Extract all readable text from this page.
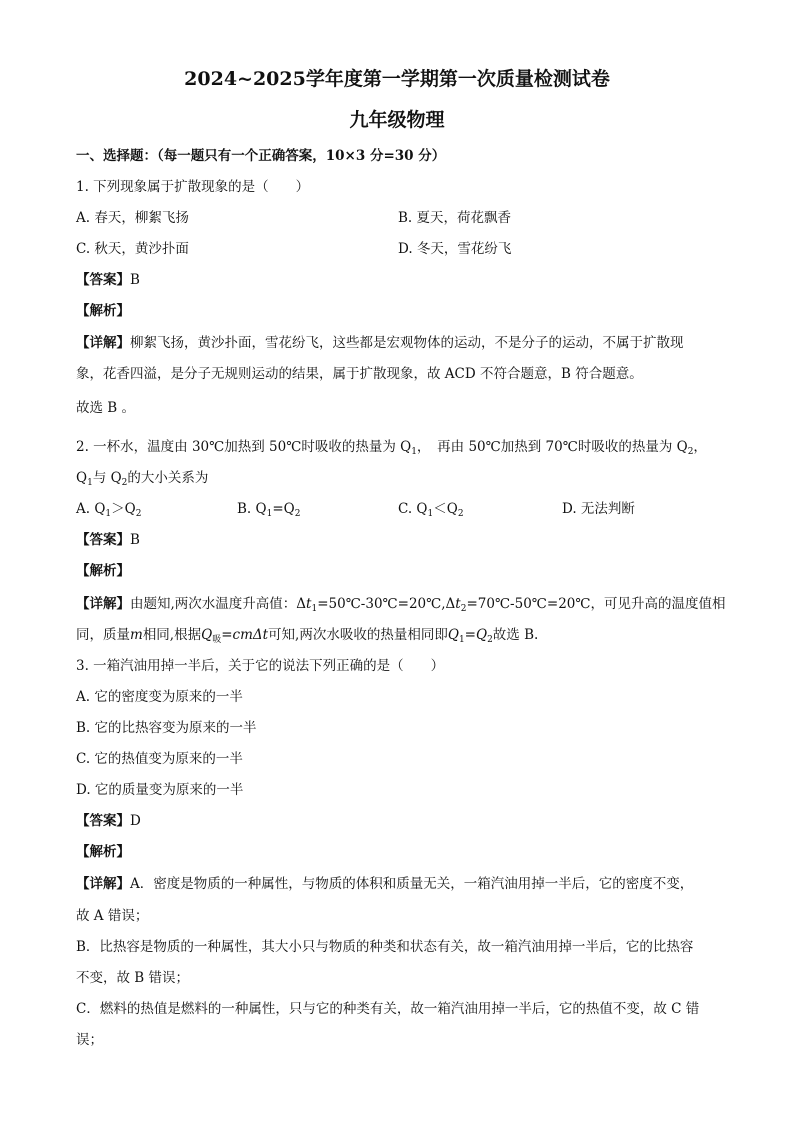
2024~2025学年度第一学期第一次质量检测试卷
九年级物理
一、选择题：（每一题只有一个正确答案，10×3 分=30 分）
1. 下列现象属于扩散现象的是（　　）
A. 春天，柳絮飞扬	B. 夏天，荷花飘香
C. 秋天，黄沙扑面	D. 冬天，雪花纷飞
【答案】B
【解析】
【详解】柳絮飞扬，黄沙扑面，雪花纷飞，这些都是宏观物体的运动，不是分子的运动，不属于扩散现
象，花香四溢，是分子无规则运动的结果，属于扩散现象，故 ACD 不符合题意，B 符合题意。
故选 B 。
2. 一杯水，温度由 30℃加热到 50℃时吸收的热量为 $Q_1$，　再由 50℃加热到 70℃时吸收的热量为 $Q_2$，
$Q_1$与 $Q_2$的大小关系为
A. $Q_1>Q_2$	B. $Q_1=Q_2$	C. $Q_1<Q_2$	D. 无法判断
【答案】B
【解析】
【详解】由题知,两次水温度升高值：$\Delta t_1=50℃-30℃=20℃,\Delta t_2=70℃-50℃=20℃$，可见升高的温度值相
同，质量m相同,根据$Q_吸=cm\Delta t$可知,两次水吸收的热量相同即$Q_1=Q_2$故选 B.
3. 一箱汽油用掉一半后，关于它的说法下列正确的是（　　）
A. 它的密度变为原来的一半
B. 它的比热容变为原来的一半
C. 它的热值变为原来的一半
D. 它的质量变为原来的一半
【答案】D
【解析】
【详解】A．密度是物质的一种属性，与物质的体积和质量无关，一箱汽油用掉一半后，它的密度不变，
故 A 错误；
B．比热容是物质的一种属性，其大小只与物质的种类和状态有关，故一箱汽油用掉一半后，它的比热容
不变，故 B 错误；
C．燃料的热值是燃料的一种属性，只与它的种类有关，故一箱汽油用掉一半后，它的热值不变，故 C 错
误；
